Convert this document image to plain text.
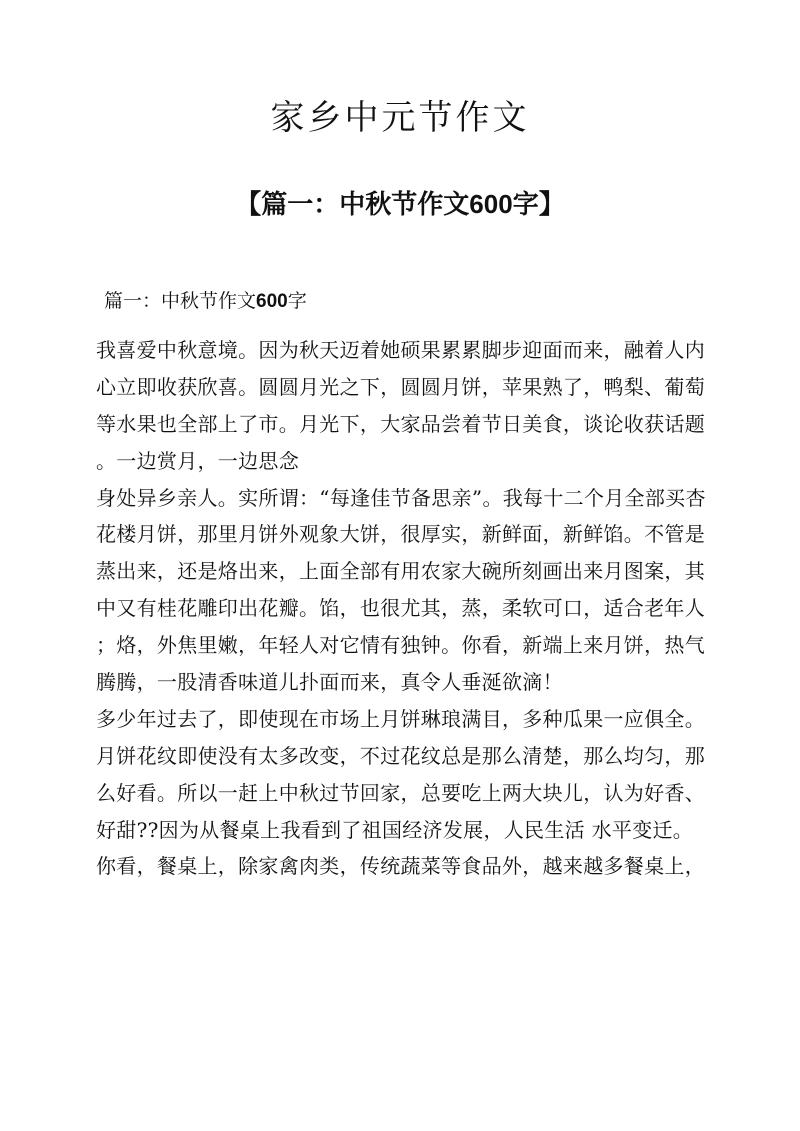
家乡中元节作文
【篇一：中秋节作文600字】

篇一：中秋节作文600字

我喜爱中秋意境。因为秋天迈着她硕果累累脚步迎面而来，融着人内
心立即收获欣喜。圆圆月光之下，圆圆月饼，苹果熟了，鸭梨、葡萄
等水果也全部上了市。月光下，大家品尝着节日美食，谈论收获话题
。一边赏月，一边思念
身处异乡亲人。实所谓：“每逢佳节备思亲”。我每十二个月全部买杏
花楼月饼，那里月饼外观象大饼，很厚实，新鲜面，新鲜馅。不管是
蒸出来，还是烙出来，上面全部有用农家大碗所刻画出来月图案，其
中又有桂花雕印出花瓣。馅，也很尤其，蒸，柔软可口，适合老年人
；烙，外焦里嫩，年轻人对它情有独钟。你看，新端上来月饼，热气
腾腾，一股清香味道儿扑面而来，真令人垂涎欲滴！
多少年过去了，即使现在市场上月饼琳琅满目，多种瓜果一应俱全。
月饼花纹即使没有太多改变，不过花纹总是那么清楚，那么均匀，那
么好看。所以一赶上中秋过节回家，总要吃上两大块儿，认为好香、
好甜??因为从餐桌上我看到了祖国经济发展，人民生活 水平变迁。
你看，餐桌上，除家禽肉类，传统蔬菜等食品外，越来越多餐桌上，
